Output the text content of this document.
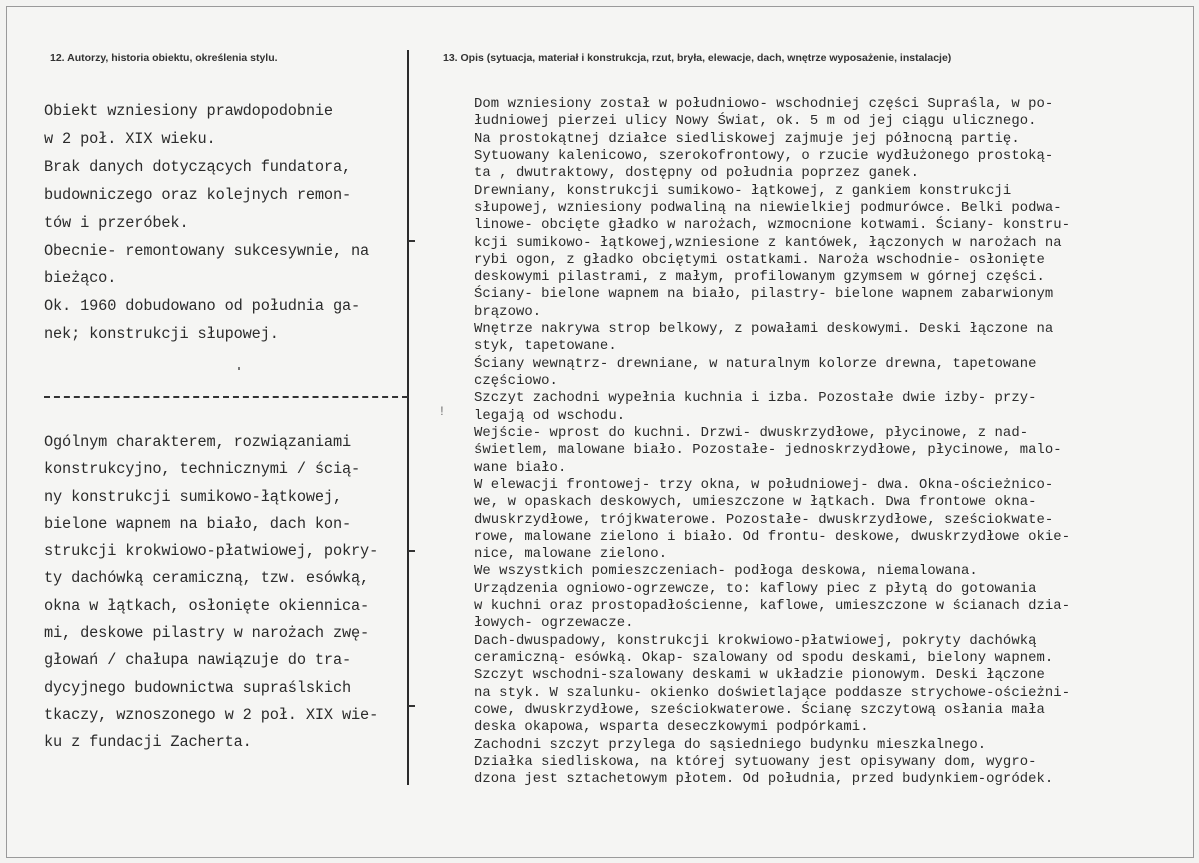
12. Autorzy, historia obiektu, określenia stylu.	13. Opis (sytuacja, materiał i konstrukcja, rzut, bryła, elewacje, dach, wnętrze wyposażenie, instalacje)
!
Obiekt wzniesiony prawdopodobnie
w 2 poł. XIX wieku.
Brak danych dotyczących fundatora,
budowniczego oraz kolejnych remon-
tów i przeróbek.
Obecnie- remontowany sukcesywnie, na
bieżąco.
Ok. 1960 dobudowano od południa ga-
nek; konstrukcji słupowej.
Ogólnym charakterem, rozwiązaniami
konstrukcyjno, technicznymi / ścią-
ny konstrukcji sumikowo-łątkowej,
bielone wapnem na biało, dach kon-
strukcji krokwiowo-płatwiowej, pokry-
ty dachówką ceramiczną, tzw. esówką,
okna w łątkach, osłonięte okiennica-
mi, deskowe pilastry w narożach zwę-
głowań / chałupa nawiązuje do tra-
dycyjnego budownictwa supraślskich
tkaczy, wznoszonego w 2 poł. XIX wie-
ku z fundacji Zacherta.
Dom wzniesiony został w południowo- wschodniej części Supraśla, w po-
łudniowej pierzei ulicy Nowy Świat, ok. 5 m od jej ciągu ulicznego.
Na prostokątnej działce siedliskowej zajmuje jej północną partię.
Sytuowany kalenicowo, szerokofrontowy, o rzucie wydłużonego prostoką-
ta , dwutraktowy, dostępny od południa poprzez ganek.
Drewniany, konstrukcji sumikowo- łątkowej, z gankiem konstrukcji
słupowej, wzniesiony podwaliną na niewielkiej podmurówce. Belki podwa-
linowe- obcięte gładko w narożach, wzmocnione kotwami. Ściany- konstru-
kcji sumikowo- łątkowej,wzniesione z kantówek, łączonych w narożach na
rybi ogon, z gładko obciętymi ostatkami. Naroża wschodnie- osłonięte
deskowymi pilastrami, z małym, profilowanym gzymsem w górnej części.
Ściany- bielone wapnem na biało, pilastry- bielone wapnem zabarwionym
brązowo.
Wnętrze nakrywa strop belkowy, z powałami deskowymi. Deski łączone na
styk, tapetowane.
Ściany wewnątrz- drewniane, w naturalnym kolorze drewna, tapetowane
częściowo.
Szczyt zachodni wypełnia kuchnia i izba. Pozostałe dwie izby- przy-
legają od wschodu.
Wejście- wprost do kuchni. Drzwi- dwuskrzydłowe, płycinowe, z nad-
świetlem, malowane biało. Pozostałe- jednoskrzydłowe, płycinowe, malo-
wane biało.
W elewacji frontowej- trzy okna, w południowej- dwa. Okna-ościeżnico-
we, w opaskach deskowych, umieszczone w łątkach. Dwa frontowe okna-
dwuskrzydłowe, trójkwaterowe. Pozostałe- dwuskrzydłowe, sześciokwate-
rowe, malowane zielono i biało. Od frontu- deskowe, dwuskrzydłowe okie-
nice, malowane zielono.
We wszystkich pomieszczeniach- podłoga deskowa, niemalowana.
Urządzenia ogniowo-ogrzewcze, to: kaflowy piec z płytą do gotowania
w kuchni oraz prostopadłościenne, kaflowe, umieszczone w ścianach dzia-
łowych- ogrzewacze.
Dach-dwuspadowy, konstrukcji krokwiowo-płatwiowej, pokryty dachówką
ceramiczną- esówką. Okap- szalowany od spodu deskami, bielony wapnem.
Szczyt wschodni-szalowany deskami w układzie pionowym. Deski łączone
na styk. W szalunku- okienko doświetlające poddasze strychowe-ościeżni-
cowe, dwuskrzydłowe, sześciokwaterowe. Ścianę szczytową osłania mała
deska okapowa, wsparta deseczkowymi podpórkami.
Zachodni szczyt przylega do sąsiedniego budynku mieszkalnego.
Działka siedliskowa, na której sytuowany jest opisywany dom, wygro-
dzona jest sztachetowym płotem. Od południa, przed budynkiem-ogródek.
